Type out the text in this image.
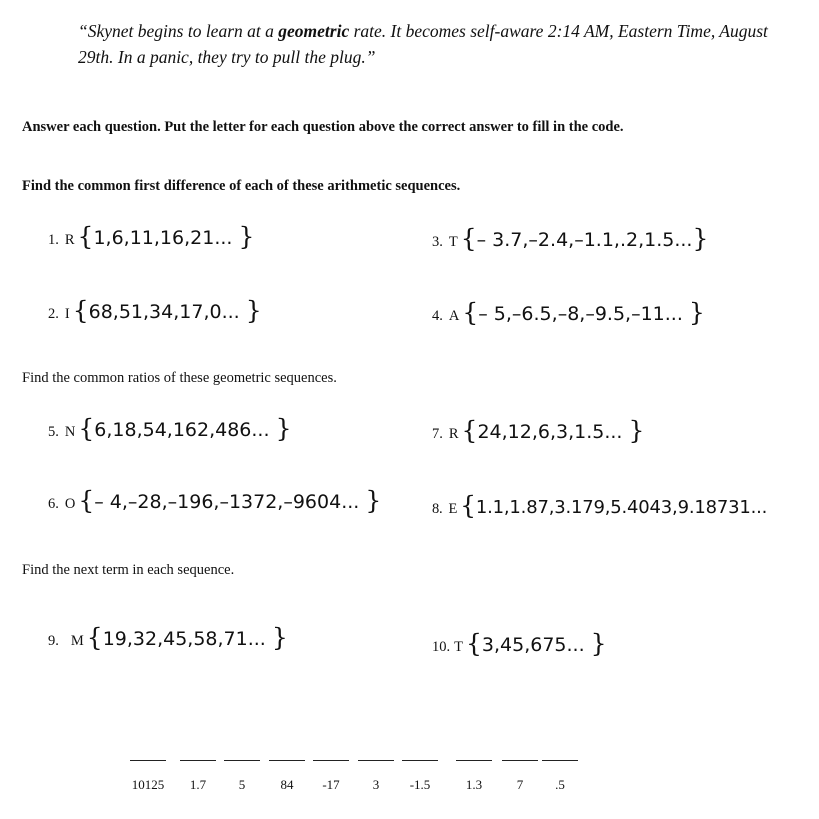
“Skynet begins to learn at a geometric rate. It becomes self-aware 2:14 AM, Eastern Time, August 29th. In a panic, they try to pull the plug.”
Answer each question. Put the letter for each question above the correct answer to fill in the code.
Find the common first difference of each of these arithmetic sequences.
1. R {1,6,11,16,21... }	3. T {– 3.7,–2.4,–1.1,.2,1.5...}
2. I {68,51,34,17,0... }	4. A {– 5,–6.5,–8,–9.5,–11... }
Find the common ratios of these geometric sequences.
5. N {6,18,54,162,486... }	7. R {24,12,6,3,1.5... }
6. O {– 4,–28,–196,–1372,–9604... }	8. E {1.1,1.87,3.179,5.4043,9.18731...
Find the next term in each sequence.
9. M {19,32,45,58,71... }	10. T {3,45,675... }
10125	1.7	5	84	-17	3	-1.5	1.3	7	.5
